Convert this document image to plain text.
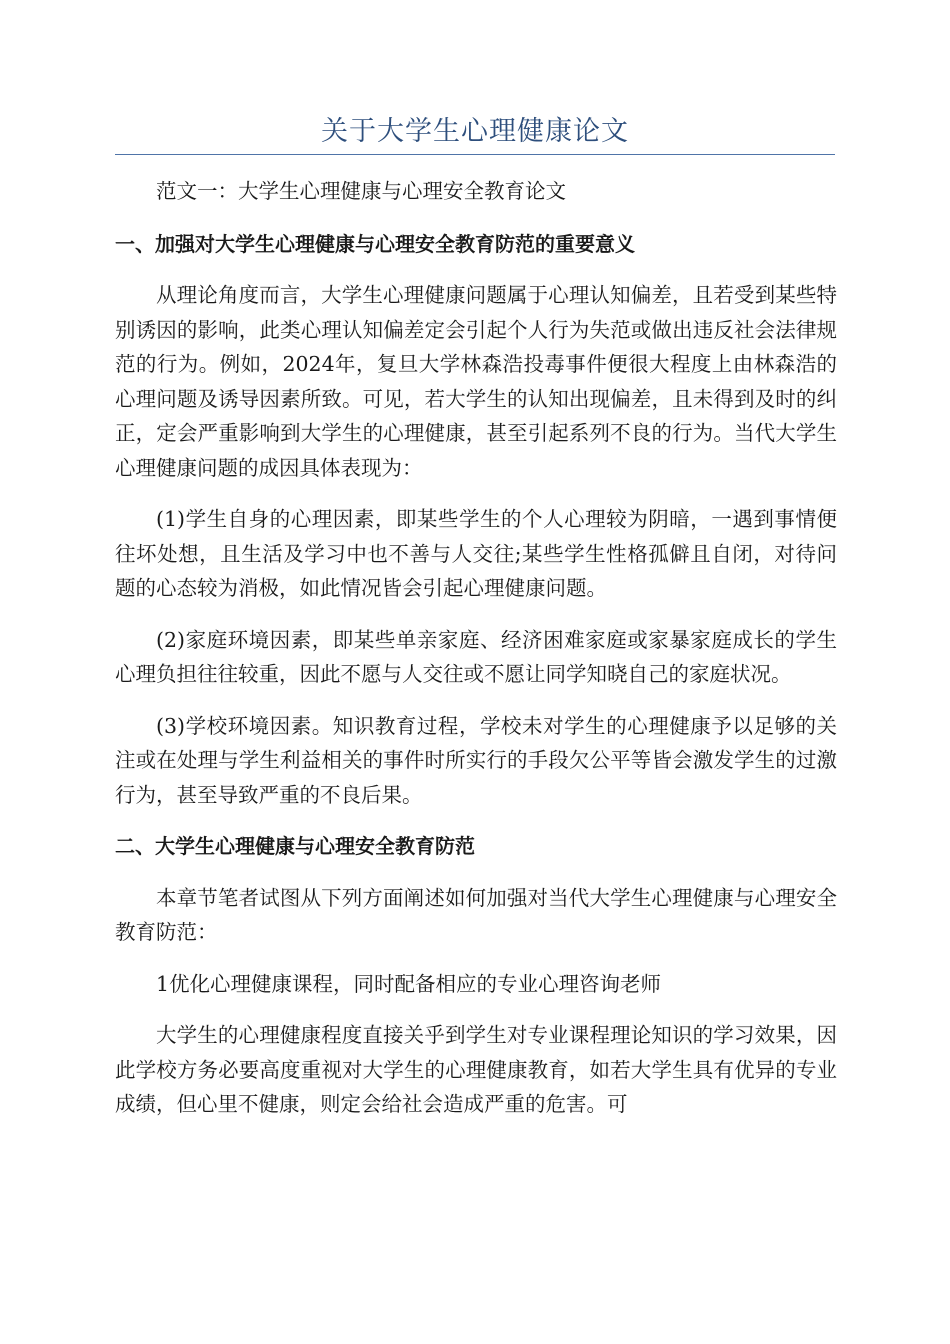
关于大学生心理健康论文

范文一：大学生心理健康与心理安全教育论文

一、加强对大学生心理健康与心理安全教育防范的重要意义

从理论角度而言，大学生心理健康问题属于心理认知偏差，且若受到某些特别诱因的影响，此类心理认知偏差定会引起个人行为失范或做出违反社会法律规范的行为。例如，2024年，复旦大学林森浩投毒事件便很大程度上由林森浩的心理问题及诱导因素所致。可见，若大学生的认知出现偏差，且未得到及时的纠正，定会严重影响到大学生的心理健康，甚至引起系列不良的行为。当代大学生心理健康问题的成因具体表现为：

(1)学生自身的心理因素，即某些学生的个人心理较为阴暗，一遇到事情便往坏处想，且生活及学习中也不善与人交往;某些学生性格孤僻且自闭，对待问题的心态较为消极，如此情况皆会引起心理健康问题。

(2)家庭环境因素，即某些单亲家庭、经济困难家庭或家暴家庭成长的学生心理负担往往较重，因此不愿与人交往或不愿让同学知晓自己的家庭状况。

(3)学校环境因素。知识教育过程，学校未对学生的心理健康予以足够的关注或在处理与学生利益相关的事件时所实行的手段欠公平等皆会激发学生的过激行为，甚至导致严重的不良后果。

二、大学生心理健康与心理安全教育防范

本章节笔者试图从下列方面阐述如何加强对当代大学生心理健康与心理安全教育防范：

1优化心理健康课程，同时配备相应的专业心理咨询老师

大学生的心理健康程度直接关乎到学生对专业课程理论知识的学习效果，因此学校方务必要高度重视对大学生的心理健康教育，如若大学生具有优异的专业成绩，但心里不健康，则定会给社会造成严重的危害。可
